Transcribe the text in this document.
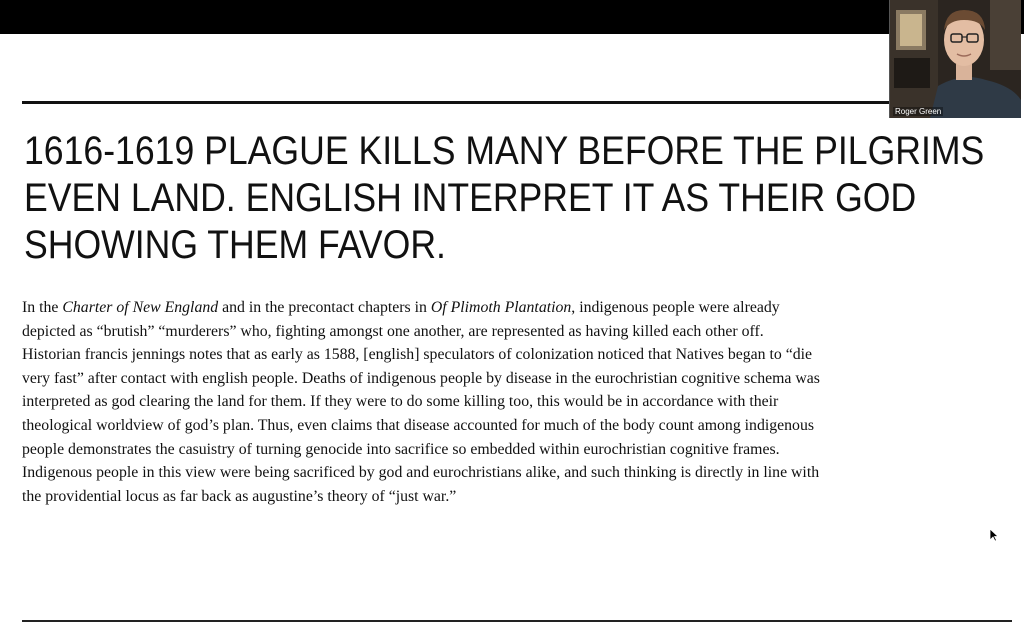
1616-1619 PLAGUE KILLS MANY BEFORE THE PILGRIMS
EVEN LAND. ENGLISH INTERPRET IT AS THEIR GOD
SHOWING THEM FAVOR.
In the Charter of New England and in the precontact chapters in Of Plimoth Plantation, indigenous people were already
depicted as “brutish” “murderers” who, fighting amongst one another, are represented as having killed each other off.
Historian francis jennings notes that as early as 1588, [english] speculators of colonization noticed that Natives began to “die
very fast” after contact with english people. Deaths of indigenous people by disease in the eurochristian cognitive schema was
interpreted as god clearing the land for them. If they were to do some killing too, this would be in accordance with their
theological worldview of god’s plan. Thus, even claims that disease accounted for much of the body count among indigenous
people demonstrates the casuistry of turning genocide into sacrifice so embedded within eurochristian cognitive frames.
Indigenous people in this view were being sacrificed by god and eurochristians alike, and such thinking is directly in line with
the providential locus as far back as augustine’s theory of “just war.”
Roger Green
